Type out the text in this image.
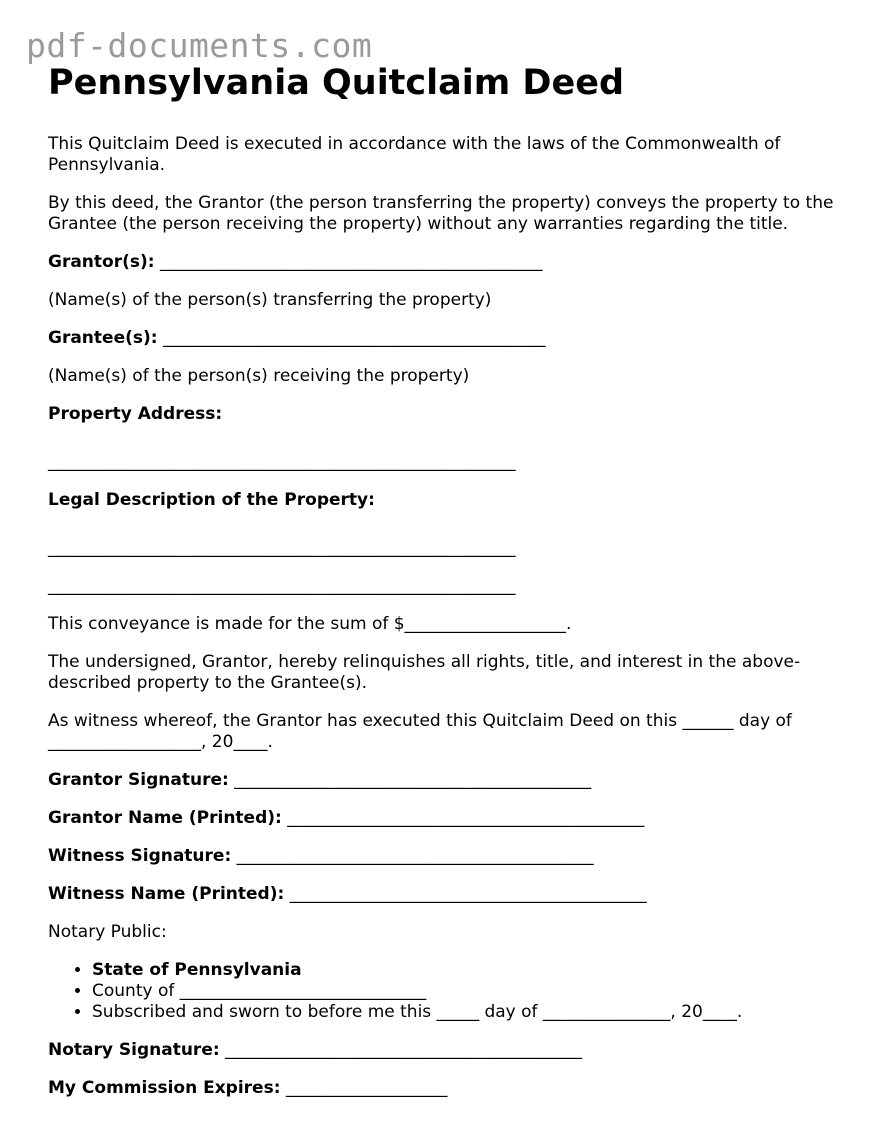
pdf-documents.com
Pennsylvania Quitclaim Deed

This Quitclaim Deed is executed in accordance with the laws of the Commonwealth of Pennsylvania.

By this deed, the Grantor (the person transferring the property) conveys the property to the Grantee (the person receiving the property) without any warranties regarding the title.

Grantor(s): _____________________________________________

(Name(s) of the person(s) transferring the property)

Grantee(s): _____________________________________________

(Name(s) of the person(s) receiving the property)

Property Address:

_______________________________________________________

Legal Description of the Property:

_______________________________________________________

_______________________________________________________

This conveyance is made for the sum of $___________________.

The undersigned, Grantor, hereby relinquishes all rights, title, and interest in the above-described property to the Grantee(s).

As witness whereof, the Grantor has executed this Quitclaim Deed on this ______ day of __________________, 20____.

Grantor Signature: __________________________________________

Grantor Name (Printed): __________________________________________

Witness Signature: __________________________________________

Witness Name (Printed): __________________________________________

Notary Public:

• State of Pennsylvania
• County of _____________________________
• Subscribed and sworn to before me this _____ day of _______________, 20____.

Notary Signature: __________________________________________

My Commission Expires: ___________________
